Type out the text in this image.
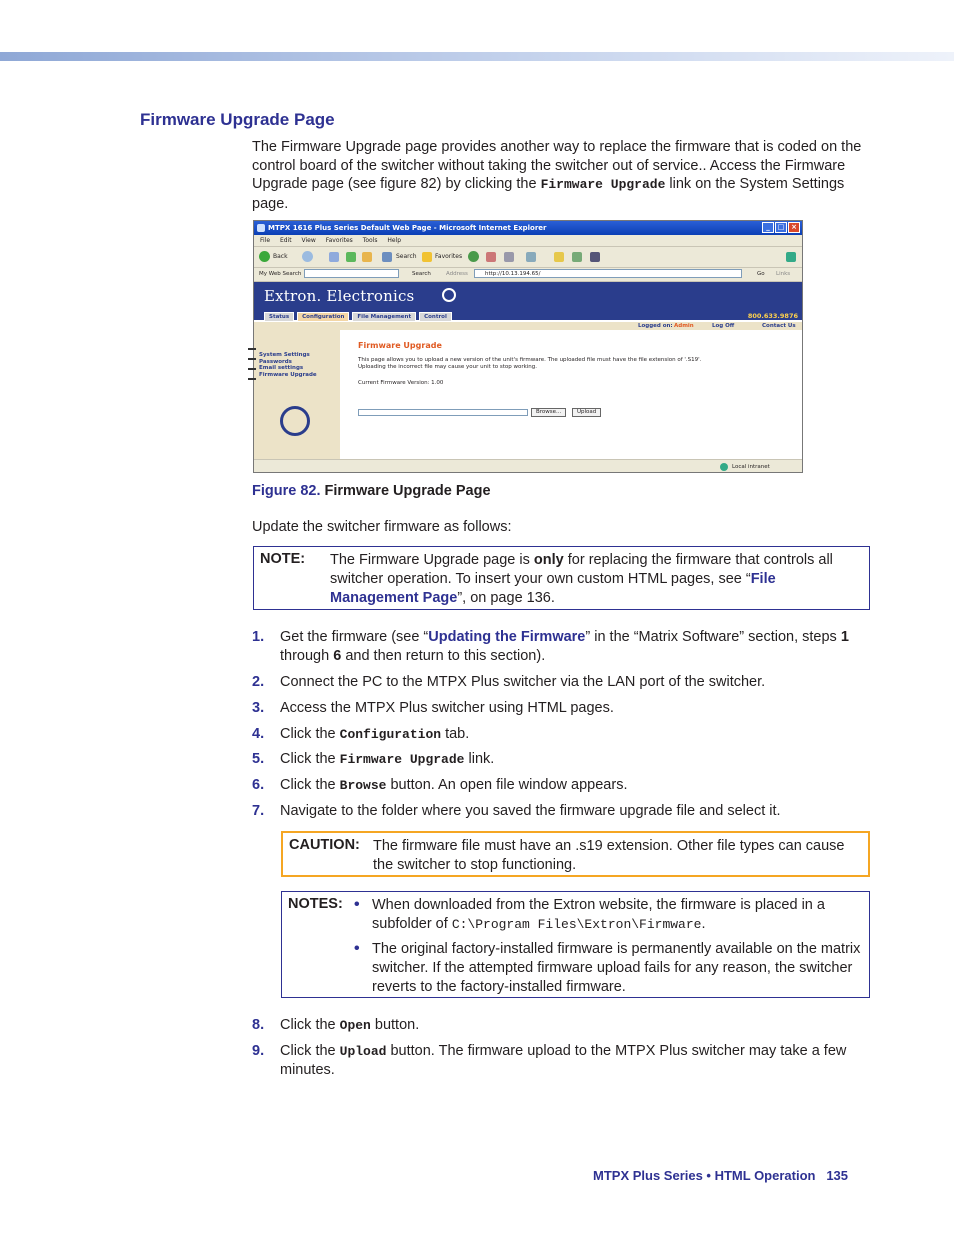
Firmware Upgrade Page

The Firmware Upgrade page provides another way to replace the firmware that is coded on the control board of the switcher without taking the switcher out of service.. Access the Firmware Upgrade page (see figure 82) by clicking the Firmware Upgrade link on the System Settings page.

MTPX 1616 Plus Series Default Web Page - Microsoft Internet Explorer	_	□ ×
File Edit View Favorites Tools Help
Back	Search	Favorites
My Web Search	Search	Address	http://10.13.194.65/	Go Links
Extron. Electronics
800.633.9876
Status	Configuration	File Management	Control
Logged on: Admin	Log Off	Contact Us
System Settings
Passwords
Email settings
Firmware Upgrade
Firmware Upgrade
This page allows you to upload a new version of the unit's firmware. The uploaded file must have the file extension of '.S19'.
Uploading the incorrect file may cause your unit to stop working.
Current Firmware Version: 1.00
Browse...	Upload
Local intranet
Figure 82. Firmware Upgrade Page

Update the switcher firmware as follows:

NOTE: The Firmware Upgrade page is only for replacing the firmware that controls all switcher operation. To insert your own custom HTML pages, see “File Management Page”, on page 136.
1. Get the firmware (see “Updating the Firmware” in the “Matrix Software” section, steps 1 through 6 and then return to this section).
2. Connect the PC to the MTPX Plus switcher via the LAN port of the switcher.
3. Access the MTPX Plus switcher using HTML pages.
4. Click the Configuration tab.
5. Click the Firmware Upgrade link.
6. Click the Browse button. An open file window appears.
7. Navigate to the folder where you saved the firmware upgrade file and select it.
CAUTION: The firmware file must have an .s19 extension. Other file types can cause the switcher to stop functioning.
NOTES: • When downloaded from the Extron website, the firmware is placed in a subfolder of C:\Program Files\Extron\Firmware.
• The original factory-installed firmware is permanently available on the matrix switcher. If the attempted firmware upload fails for any reason, the switcher reverts to the factory-installed firmware.
8. Click the Open button.
9. Click the Upload button. The firmware upload to the MTPX Plus switcher may take a few minutes.
MTPX Plus Series • HTML Operation 135
